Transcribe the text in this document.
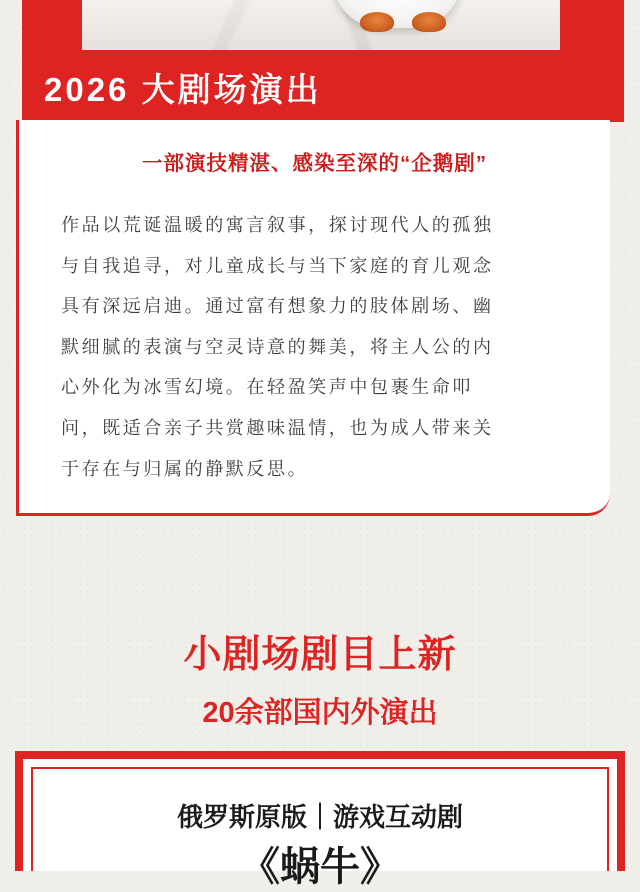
2026 大剧场演出
一部演技精湛、感染至深的“企鹅剧”

作品以荒诞温暖的寓言叙事，探讨现代人的孤独
与自我追寻，对儿童成长与当下家庭的育儿观念
具有深远启迪。通过富有想象力的肢体剧场、幽
默细腻的表演与空灵诗意的舞美，将主人公的内
心外化为冰雪幻境。在轻盈笑声中包裹生命叩
问，既适合亲子共赏趣味温情，也为成人带来关
于存在与归属的静默反思。

小剧场剧目上新
20余部国内外演出

俄罗斯原版｜游戏互动剧

《蜗牛》
